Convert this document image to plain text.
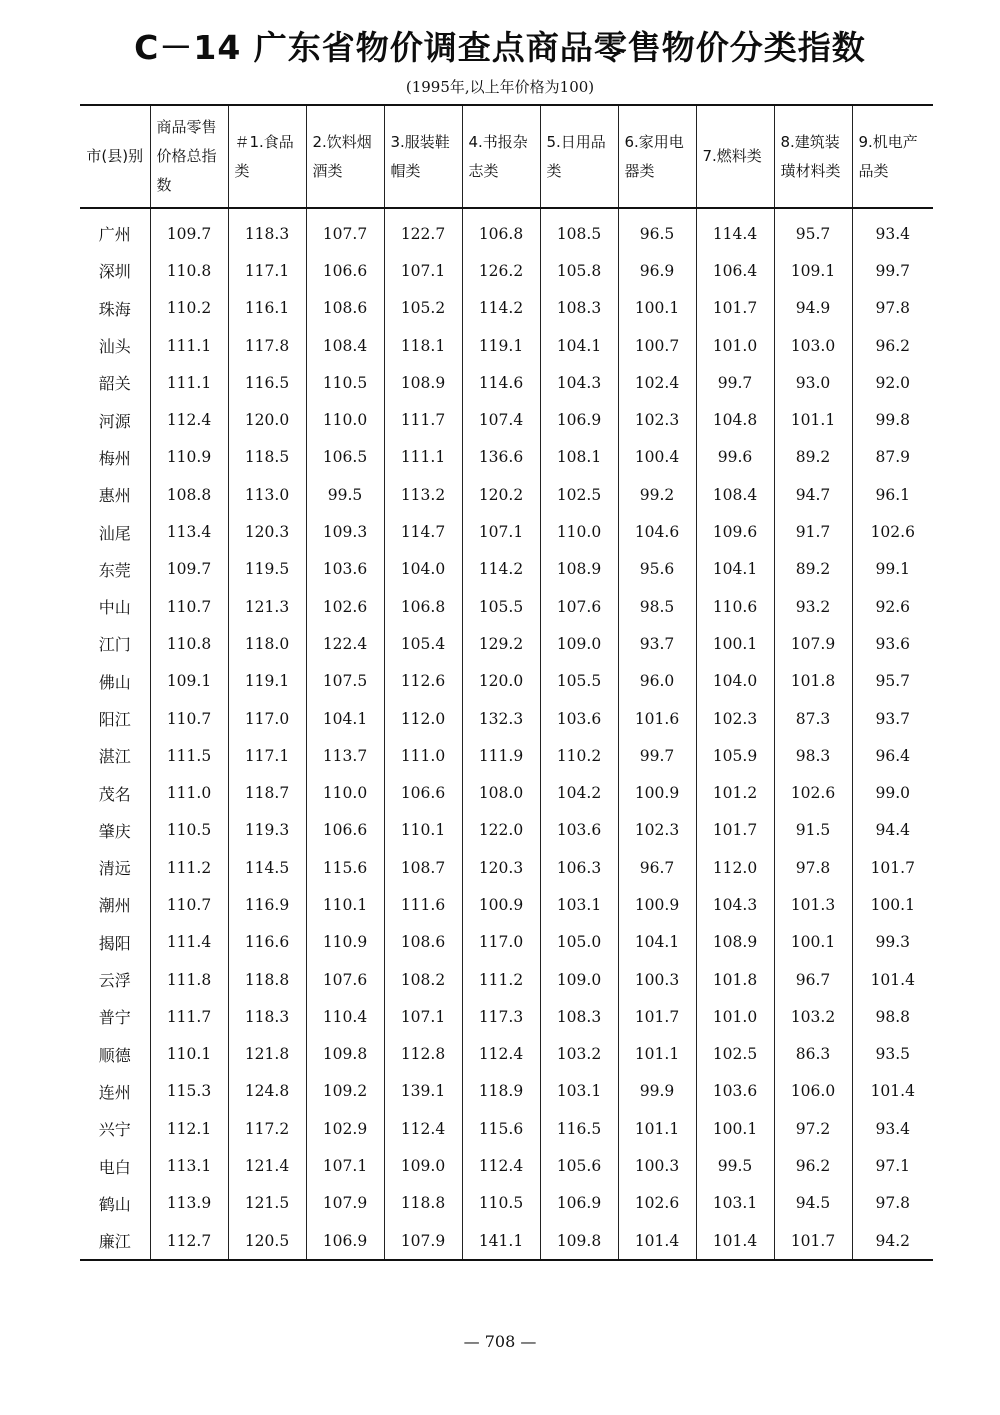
C－14 广东省物价调查点商品零售物价分类指数
(1995年,以上年价格为100)
市(县)别	商品零售价格总指数	＃1.食品类	2.饮料烟酒类	3.服装鞋帽类	4.书报杂志类	5.日用品类	6.家用电器类	7.燃料类	8.建筑装璜材料类	9.机电产品类
广州	109.7	118.3	107.7	122.7	106.8	108.5	96.5	114.4	95.7	93.4
深圳	110.8	117.1	106.6	107.1	126.2	105.8	96.9	106.4	109.1	99.7
珠海	110.2	116.1	108.6	105.2	114.2	108.3	100.1	101.7	94.9	97.8
汕头	111.1	117.8	108.4	118.1	119.1	104.1	100.7	101.0	103.0	96.2
韶关	111.1	116.5	110.5	108.9	114.6	104.3	102.4	99.7	93.0	92.0
河源	112.4	120.0	110.0	111.7	107.4	106.9	102.3	104.8	101.1	99.8
梅州	110.9	118.5	106.5	111.1	136.6	108.1	100.4	99.6	89.2	87.9
惠州	108.8	113.0	99.5	113.2	120.2	102.5	99.2	108.4	94.7	96.1
汕尾	113.4	120.3	109.3	114.7	107.1	110.0	104.6	109.6	91.7	102.6
东莞	109.7	119.5	103.6	104.0	114.2	108.9	95.6	104.1	89.2	99.1
中山	110.7	121.3	102.6	106.8	105.5	107.6	98.5	110.6	93.2	92.6
江门	110.8	118.0	122.4	105.4	129.2	109.0	93.7	100.1	107.9	93.6
佛山	109.1	119.1	107.5	112.6	120.0	105.5	96.0	104.0	101.8	95.7
阳江	110.7	117.0	104.1	112.0	132.3	103.6	101.6	102.3	87.3	93.7
湛江	111.5	117.1	113.7	111.0	111.9	110.2	99.7	105.9	98.3	96.4
茂名	111.0	118.7	110.0	106.6	108.0	104.2	100.9	101.2	102.6	99.0
肇庆	110.5	119.3	106.6	110.1	122.0	103.6	102.3	101.7	91.5	94.4
清远	111.2	114.5	115.6	108.7	120.3	106.3	96.7	112.0	97.8	101.7
潮州	110.7	116.9	110.1	111.6	100.9	103.1	100.9	104.3	101.3	100.1
揭阳	111.4	116.6	110.9	108.6	117.0	105.0	104.1	108.9	100.1	99.3
云浮	111.8	118.8	107.6	108.2	111.2	109.0	100.3	101.8	96.7	101.4
普宁	111.7	118.3	110.4	107.1	117.3	108.3	101.7	101.0	103.2	98.8
顺德	110.1	121.8	109.8	112.8	112.4	103.2	101.1	102.5	86.3	93.5
连州	115.3	124.8	109.2	139.1	118.9	103.1	99.9	103.6	106.0	101.4
兴宁	112.1	117.2	102.9	112.4	115.6	116.5	101.1	100.1	97.2	93.4
电白	113.1	121.4	107.1	109.0	112.4	105.6	100.3	99.5	96.2	97.1
鹤山	113.9	121.5	107.9	118.8	110.5	106.9	102.6	103.1	94.5	97.8
廉江	112.7	120.5	106.9	107.9	141.1	109.8	101.4	101.4	101.7	94.2
— 708 —
